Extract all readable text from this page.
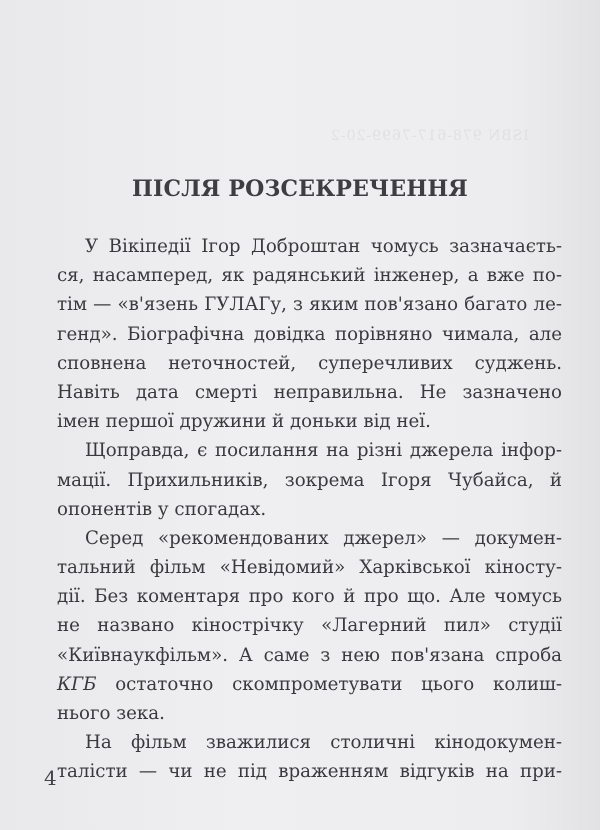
ISBN 978-617-7699-20-2
ПІСЛЯ РОЗСЕКРЕЧЕННЯ
У Вікіпедії Ігор Доброштан чомусь зазначаєть-
ся, насамперед, як радянський інженер, а вже по-
тім — «в'язень ГУЛАГу, з яким пов'язано багато ле-
генд». Біографічна довідка порівняно чимала, але
сповнена неточностей, суперечливих суджень.
Навіть дата смерті неправильна. Не зазначено
імен першої дружини й доньки від неї.
Щоправда, є посилання на різні джерела інфор-
мації. Прихильників, зокрема Ігоря Чубайса, й
опонентів у спогадах.
Серед «рекомендованих джерел» — докумен-
тальний фільм «Невідомий» Харківської кіносту-
дії. Без коментаря про кого й про що. Але чомусь
не названо кінострічку «Лагерний пил» студії
«Київнаукфільм». А саме з нею пов'язана спроба
КГБ остаточно скомпрометувати цього колиш-
нього зека.
На фільм зважилися столичні кінодокумен-
талісти — чи не під враженням відгуків на при-
4
